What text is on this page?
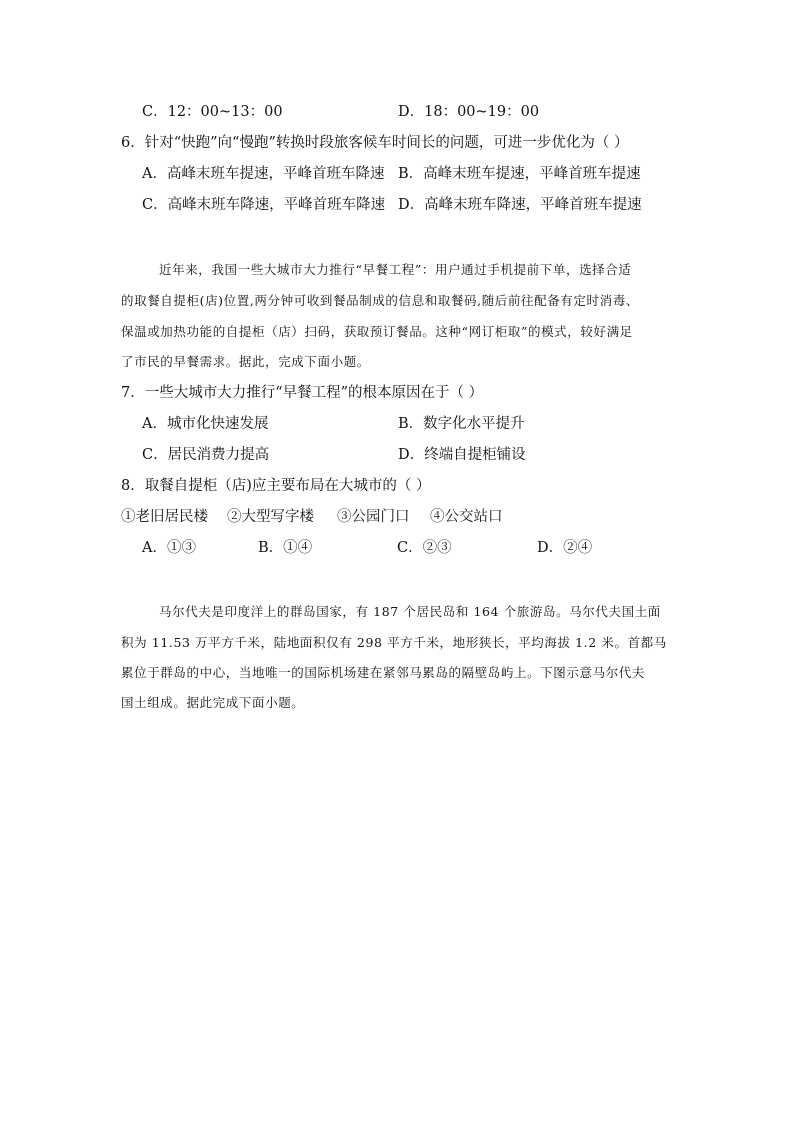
C．12：00~13：00	D．18：00~19：00
6．针对“快跑”向“慢跑”转换时段旅客候车时间长的问题，可进一步优化为（ ）
A．高峰末班车提速，平峰首班车降速 B．高峰末班车提速，平峰首班车提速
C．高峰末班车降速，平峰首班车降速 D．高峰末班车降速，平峰首班车提速
近年来，我国一些大城市大力推行“早餐工程”：用户通过手机提前下单，选择合适
的取餐自提柜(店)位置,两分钟可收到餐品制成的信息和取餐码,随后前往配备有定时消毒、
保温或加热功能的自提柜（店）扫码，获取预订餐品。这种“网订柜取”的模式，较好满足
了市民的早餐需求。据此，完成下面小题。
7．一些大城市大力推行“早餐工程”的根本原因在于（ ）
A．城市化快速发展	B．数字化水平提升
C．居民消费力提高	D．终端自提柜铺设
8．取餐自提柜（店)应主要布局在大城市的（ ）
①老旧居民楼 ②大型写字楼 ③公园门口 ④公交站口
A．①③	B．①④	C．②③	D．②④
马尔代夫是印度洋上的群岛国家，有 187 个居民岛和 164 个旅游岛。马尔代夫国土面
积为 11.53 万平方千米，陆地面积仅有 298 平方千米，地形狭长，平均海拔 1.2 米。首都马
累位于群岛的中心，当地唯一的国际机场建在紧邻马累岛的隔壁岛屿上。下图示意马尔代夫
国土组成。据此完成下面小题。
